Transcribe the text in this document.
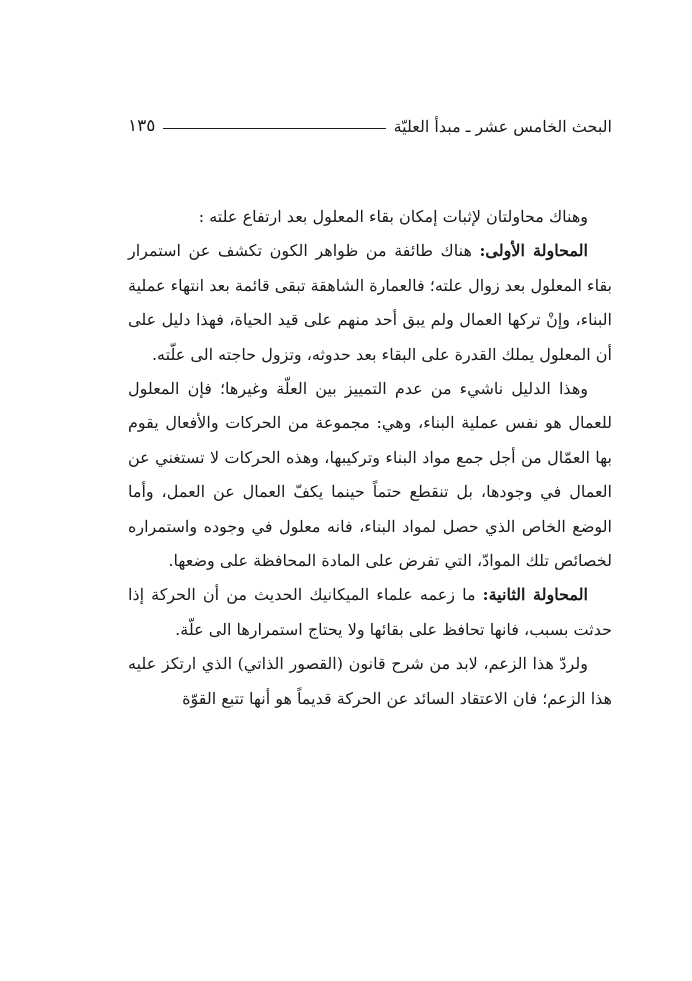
البحث الخامس عشر ـ مبدأ العليّة
١٣٥

وهناك محاولتان لإثبات إمكان بقاء المعلول بعد ارتفاع علته :

المحاولة الأولى: هناك طائفة من ظواهر الكون تكشف عن استمرار بقاء المعلول بعد زوال علته؛ فالعمارة الشاهقة تبقى قائمة بعد انتهاء عملية البناء، وإنْ تركها العمال ولم يبق أحد منهم على قيد الحياة، فهذا دليل على أن المعلول يملك القدرة على البقاء بعد حدوثه، وتزول حاجته الى علّته.

وهذا الدليل ناشيء من عدم التمييز بين العلّة وغيرها؛ فإن المعلول للعمال هو نفس عملية البناء، وهي: مجموعة من الحركات والأفعال يقوم بها العمّال من أجل جمع مواد البناء وتركيبها، وهذه الحركات لا تستغني عن العمال في وجودها، بل تنقطع حتماً حينما يكفّ العمال عن العمل، وأما الوضع الخاص الذي حصل لمواد البناء، فانه معلول في وجوده واستمراره لخصائص تلك الموادّ، التي تفرض على المادة المحافظة على وضعها.

المحاولة الثانية: ما زعمه علماء الميكانيك الحديث من أن الحركة إذا حدثت بسبب، فانها تحافظ على بقائها ولا يحتاج استمرارها الى علّة.

ولردّ هذا الزعم، لابد من شرح قانون (القصور الذاتي) الذي ارتكز عليه هذا الزعم؛ فان الاعتقاد السائد عن الحركة قديماً هو أنها تتبع القوّة
